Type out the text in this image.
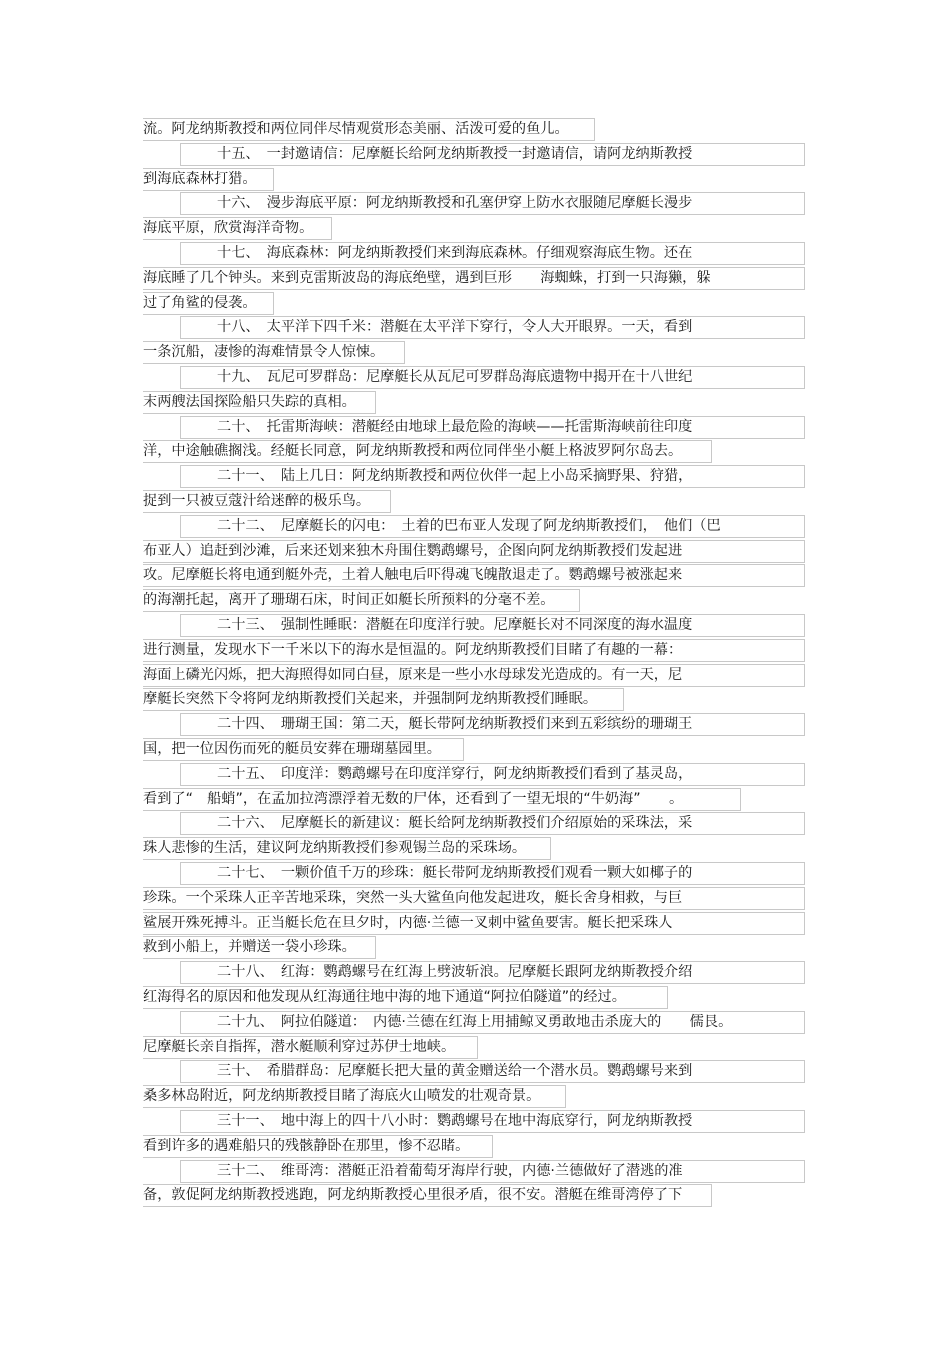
流。阿龙纳斯教授和两位同伴尽情观赏形态美丽、活泼可爱的鱼儿。
十五、　一封邀请信：尼摩艇长给阿龙纳斯教授一封邀请信，请阿龙纳斯教授
到海底森林打猎。
十六、　漫步海底平原：阿龙纳斯教授和孔塞伊穿上防水衣服随尼摩艇长漫步
海底平原，欣赏海洋奇物。
十七、　海底森林：阿龙纳斯教授们来到海底森林。仔细观察海底生物。还在
海底睡了几个钟头。来到克雷斯波岛的海底绝壁，遇到巨形　　海蜘蛛，打到一只海獭，躲
过了角鲨的侵袭。
十八、　太平洋下四千米：潜艇在太平洋下穿行，令人大开眼界。一天，看到
一条沉船，凄惨的海难情景令人惊悚。
十九、　瓦尼可罗群岛：尼摩艇长从瓦尼可罗群岛海底遗物中揭开在十八世纪
末两艘法国探险船只失踪的真相。
二十、　托雷斯海峡：潜艇经由地球上最危险的海峡——托雷斯海峡前往印度
洋，中途触礁搁浅。经艇长同意，阿龙纳斯教授和两位同伴坐小艇上格波罗阿尔岛去。
二十一、　陆上几日：阿龙纳斯教授和两位伙伴一起上小岛采摘野果、狩猎，
捉到一只被豆蔻汁给迷醉的极乐鸟。
二十二、　尼摩艇长的闪电：　土着的巴布亚人发现了阿龙纳斯教授们，　他们（巴
布亚人）追赶到沙滩，后来还划来独木舟围住鹦鹉螺号，企图向阿龙纳斯教授们发起进
攻。尼摩艇长将电通到艇外壳，土着人触电后吓得魂飞魄散退走了。鹦鹉螺号被涨起来
的海潮托起，离开了珊瑚石床，时间正如艇长所预料的分毫不差。
二十三、　强制性睡眠：潜艇在印度洋行驶。尼摩艇长对不同深度的海水温度
进行测量，发现水下一千米以下的海水是恒温的。阿龙纳斯教授们目睹了有趣的一幕：
海面上磷光闪烁，把大海照得如同白昼，原来是一些小水母球发光造成的。有一天，尼
摩艇长突然下令将阿龙纳斯教授们关起来，并强制阿龙纳斯教授们睡眠。
二十四、　珊瑚王国：第二天，艇长带阿龙纳斯教授们来到五彩缤纷的珊瑚王
国，把一位因伤而死的艇员安葬在珊瑚墓园里。
二十五、　印度洋：鹦鹉螺号在印度洋穿行，阿龙纳斯教授们看到了基灵岛，
看到了“　船蛸”，在孟加拉湾漂浮着无数的尸体，还看到了一望无垠的“牛奶海”　　。
二十六、　尼摩艇长的新建议：艇长给阿龙纳斯教授们介绍原始的采珠法，采
珠人悲惨的生活，建议阿龙纳斯教授们参观锡兰岛的采珠场。
二十七、　一颗价值千万的珍珠：艇长带阿龙纳斯教授们观看一颗大如椰子的
珍珠。一个采珠人正辛苦地采珠，突然一头大鲨鱼向他发起进攻，艇长舍身相救，与巨
鲨展开殊死搏斗。正当艇长危在旦夕时，内德·兰德一叉刺中鲨鱼要害。艇长把采珠人
救到小船上，并赠送一袋小珍珠。
二十八、　红海：鹦鹉螺号在红海上劈波斩浪。尼摩艇长跟阿龙纳斯教授介绍
红海得名的原因和他发现从红海通往地中海的地下通道“阿拉伯隧道”的经过。
二十九、　阿拉伯隧道：　内德·兰德在红海上用捕鲸叉勇敢地击杀庞大的　　儒艮。
尼摩艇长亲自指挥，潜水艇顺利穿过苏伊士地峡。
三十、　希腊群岛：尼摩艇长把大量的黄金赠送给一个潜水员。鹦鹉螺号来到
桑多林岛附近，阿龙纳斯教授目睹了海底火山喷发的壮观奇景。
三十一、　地中海上的四十八小时：鹦鹉螺号在地中海底穿行，阿龙纳斯教授
看到许多的遇难船只的残骸静卧在那里，惨不忍睹。
三十二、　维哥湾：潜艇正沿着葡萄牙海岸行驶，内德·兰德做好了潜逃的准
备，敦促阿龙纳斯教授逃跑，阿龙纳斯教授心里很矛盾，很不安。潜艇在维哥湾停了下
